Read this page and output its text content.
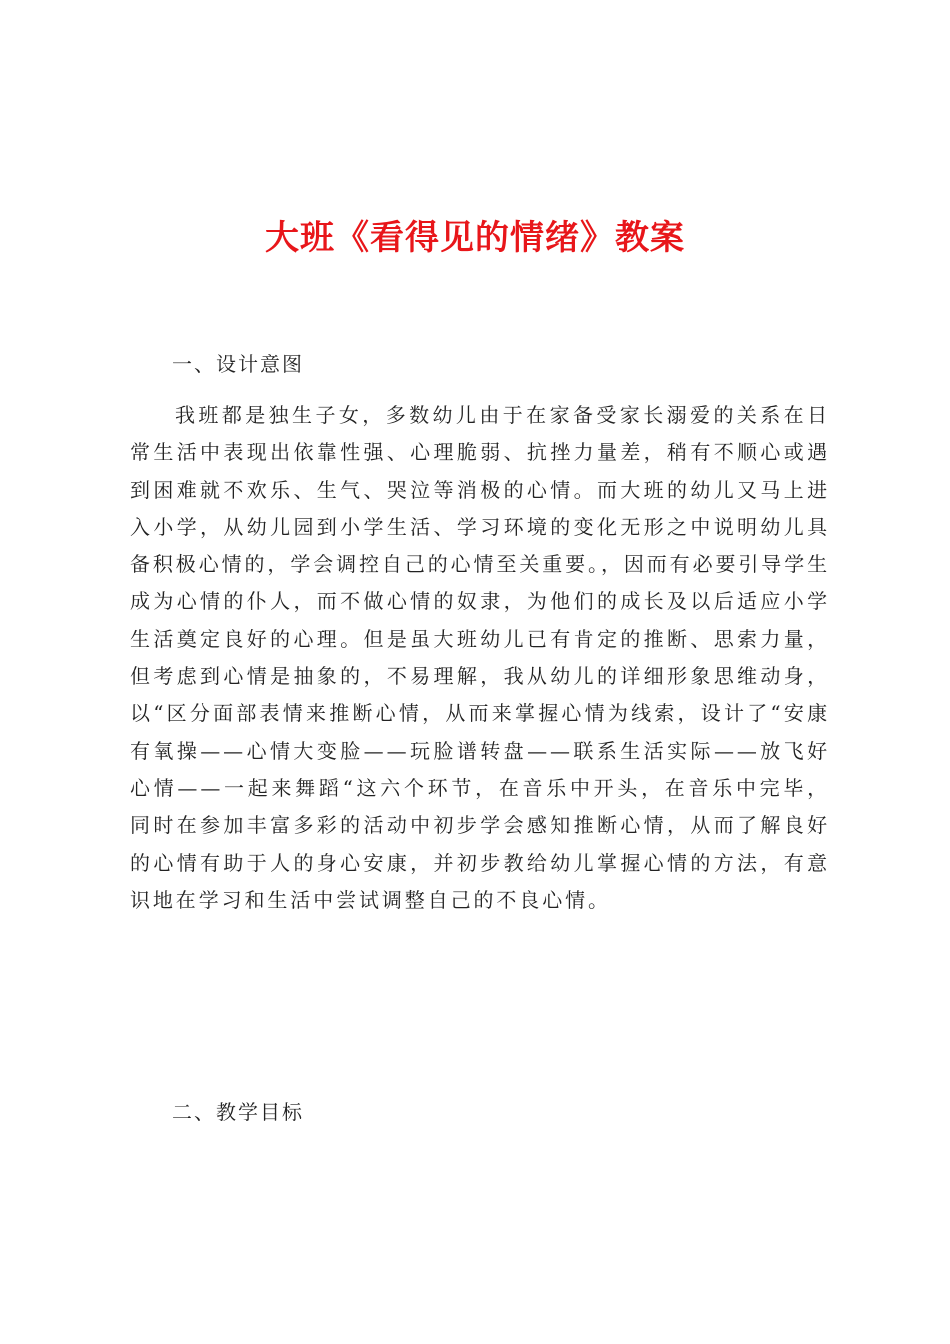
大班《看得见的情绪》教案
一、设计意图

我班都是独生子女，多数幼儿由于在家备受家长溺爱的关系在日常生活中表现出依靠性强、心理脆弱、抗挫力量差，稍有不顺心或遇到困难就不欢乐、生气、哭泣等消极的心情。而大班的幼儿又马上进入小学，从幼儿园到小学生活、学习环境的变化无形之中说明幼儿具备积极心情的，学会调控自己的心情至关重要。，因而有必要引导学生成为心情的仆人，而不做心情的奴隶，为他们的成长及以后适应小学生活奠定良好的心理。但是虽大班幼儿已有肯定的推断、思索力量，但考虑到心情是抽象的，不易理解，我从幼儿的详细形象思维动身，以“区分面部表情来推断心情，从而来掌握心情为线索，设计了“安康有氧操——心情大变脸——玩脸谱转盘——联系生活实际——放飞好心情——一起来舞蹈“这六个环节，在音乐中开头，在音乐中完毕，同时在参加丰富多彩的活动中初步学会感知推断心情，从而了解良好的心情有助于人的身心安康，并初步教给幼儿掌握心情的方法，有意识地在学习和生活中尝试调整自己的不良心情。

二、教学目标
